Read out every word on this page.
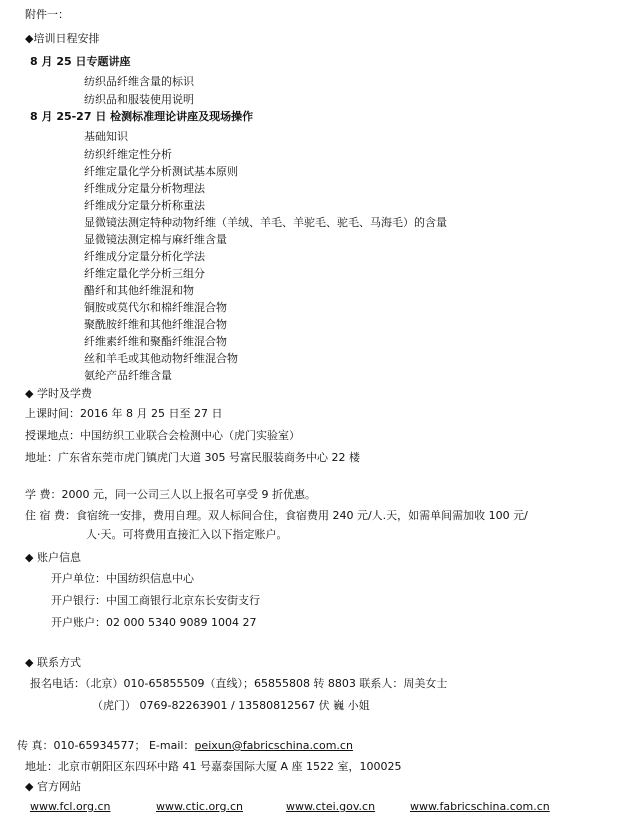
附件一：
◆培训日程安排
8 月 25 日专题讲座
纺织品纤维含量的标识
纺织品和服装使用说明
8 月 25-27 日 检测标准理论讲座及现场操作
基础知识
纺织纤维定性分析
纤维定量化学分析测试基本原则
纤维成分定量分析物理法
纤维成分定量分析称重法
显微镜法测定特种动物纤维（羊绒、羊毛、羊驼毛、驼毛、马海毛）的含量
显微镜法测定棉与麻纤维含量
纤维成分定量分析化学法
纤维定量化学分析三组分
醋纤和其他纤维混和物
铜胺或莫代尔和棉纤维混合物
聚酰胺纤维和其他纤维混合物
纤维素纤维和聚酯纤维混合物
丝和羊毛或其他动物纤维混合物
氨纶产品纤维含量
◆ 学时及学费
上课时间：2016 年 8 月 25 日至 27 日
授课地点：中国纺织工业联合会检测中心（虎门实验室）
地址：广东省东莞市虎门镇虎门大道 305 号富民服装商务中心 22 楼
学 费：2000 元，同一公司三人以上报名可享受 9 折优惠。
住 宿 费：食宿统一安排，费用自理。双人标间合住，食宿费用 240 元/人.天，如需单间需加收 100 元/
人·天。可将费用直接汇入以下指定账户。
◆ 账户信息
开户单位：中国纺织信息中心
开户银行：中国工商银行北京东长安街支行
开户账户：02 000 5340 9089 1004 27
◆ 联系方式
报名电话：（北京）010-65855509（直线）；65855808 转 8803 联系人：周美女士
（虎门） 0769-82263901 / 13580812567 伏 巍 小姐
传 真：010-65934577； E-mail：peixun@fabricschina.com.cn
地址：北京市朝阳区东四环中路 41 号嘉泰国际大厦 A 座 1522 室，100025
◆ 官方网站
www.fcl.org.cn	www.ctic.org.cn	www.ctei.gov.cn	www.fabricschina.com.cn
